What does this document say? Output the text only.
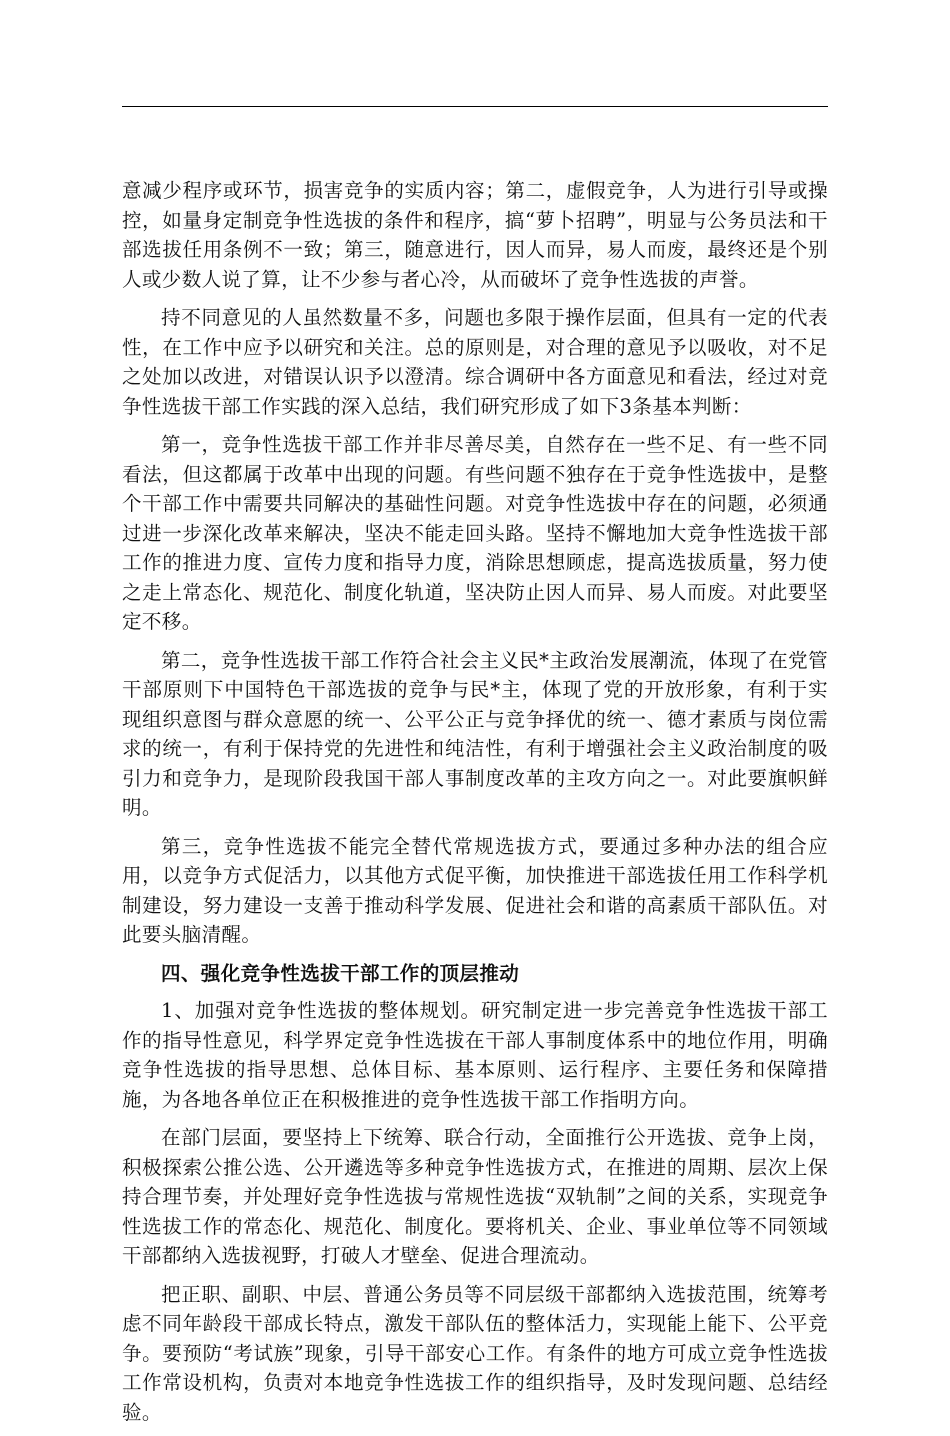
意减少程序或环节，损害竞争的实质内容；第二，虚假竞争，人为进行引导或操控，如量身定制竞争性选拔的条件和程序，搞“萝卜招聘”，明显与公务员法和干部选拔任用条例不一致；第三，随意进行，因人而异，易人而废，最终还是个别人或少数人说了算，让不少参与者心冷，从而破坏了竞争性选拔的声誉。

持不同意见的人虽然数量不多，问题也多限于操作层面，但具有一定的代表性，在工作中应予以研究和关注。总的原则是，对合理的意见予以吸收，对不足之处加以改进，对错误认识予以澄清。综合调研中各方面意见和看法，经过对竞争性选拔干部工作实践的深入总结，我们研究形成了如下3条基本判断：

第一，竞争性选拔干部工作并非尽善尽美，自然存在一些不足、有一些不同看法，但这都属于改革中出现的问题。有些问题不独存在于竞争性选拔中，是整个干部工作中需要共同解决的基础性问题。对竞争性选拔中存在的问题，必须通过进一步深化改革来解决，坚决不能走回头路。坚持不懈地加大竞争性选拔干部工作的推进力度、宣传力度和指导力度，消除思想顾虑，提高选拔质量，努力使之走上常态化、规范化、制度化轨道，坚决防止因人而异、易人而废。对此要坚定不移。

第二，竞争性选拔干部工作符合社会主义民*主政治发展潮流，体现了在党管干部原则下中国特色干部选拔的竞争与民*主，体现了党的开放形象，有利于实现组织意图与群众意愿的统一、公平公正与竞争择优的统一、德才素质与岗位需求的统一，有利于保持党的先进性和纯洁性，有利于增强社会主义政治制度的吸引力和竞争力，是现阶段我国干部人事制度改革的主攻方向之一。对此要旗帜鲜明。

第三，竞争性选拔不能完全替代常规选拔方式，要通过多种办法的组合应用，以竞争方式促活力，以其他方式促平衡，加快推进干部选拔任用工作科学机制建设，努力建设一支善于推动科学发展、促进社会和谐的高素质干部队伍。对此要头脑清醒。

四、强化竞争性选拔干部工作的顶层推动

1、加强对竞争性选拔的整体规划。研究制定进一步完善竞争性选拔干部工作的指导性意见，科学界定竞争性选拔在干部人事制度体系中的地位作用，明确竞争性选拔的指导思想、总体目标、基本原则、运行程序、主要任务和保障措施，为各地各单位正在积极推进的竞争性选拔干部工作指明方向。

在部门层面，要坚持上下统筹、联合行动，全面推行公开选拔、竞争上岗，积极探索公推公选、公开遴选等多种竞争性选拔方式，在推进的周期、层次上保持合理节奏，并处理好竞争性选拔与常规性选拔“双轨制”之间的关系，实现竞争性选拔工作的常态化、规范化、制度化。要将机关、企业、事业单位等不同领域干部都纳入选拔视野，打破人才壁垒、促进合理流动。

把正职、副职、中层、普通公务员等不同层级干部都纳入选拔范围，统筹考虑不同年龄段干部成长特点，激发干部队伍的整体活力，实现能上能下、公平竞争。要预防“考试族”现象，引导干部安心工作。有条件的地方可成立竞争性选拔工作常设机构，负责对本地竞争性选拔工作的组织指导，及时发现问题、总结经验。
